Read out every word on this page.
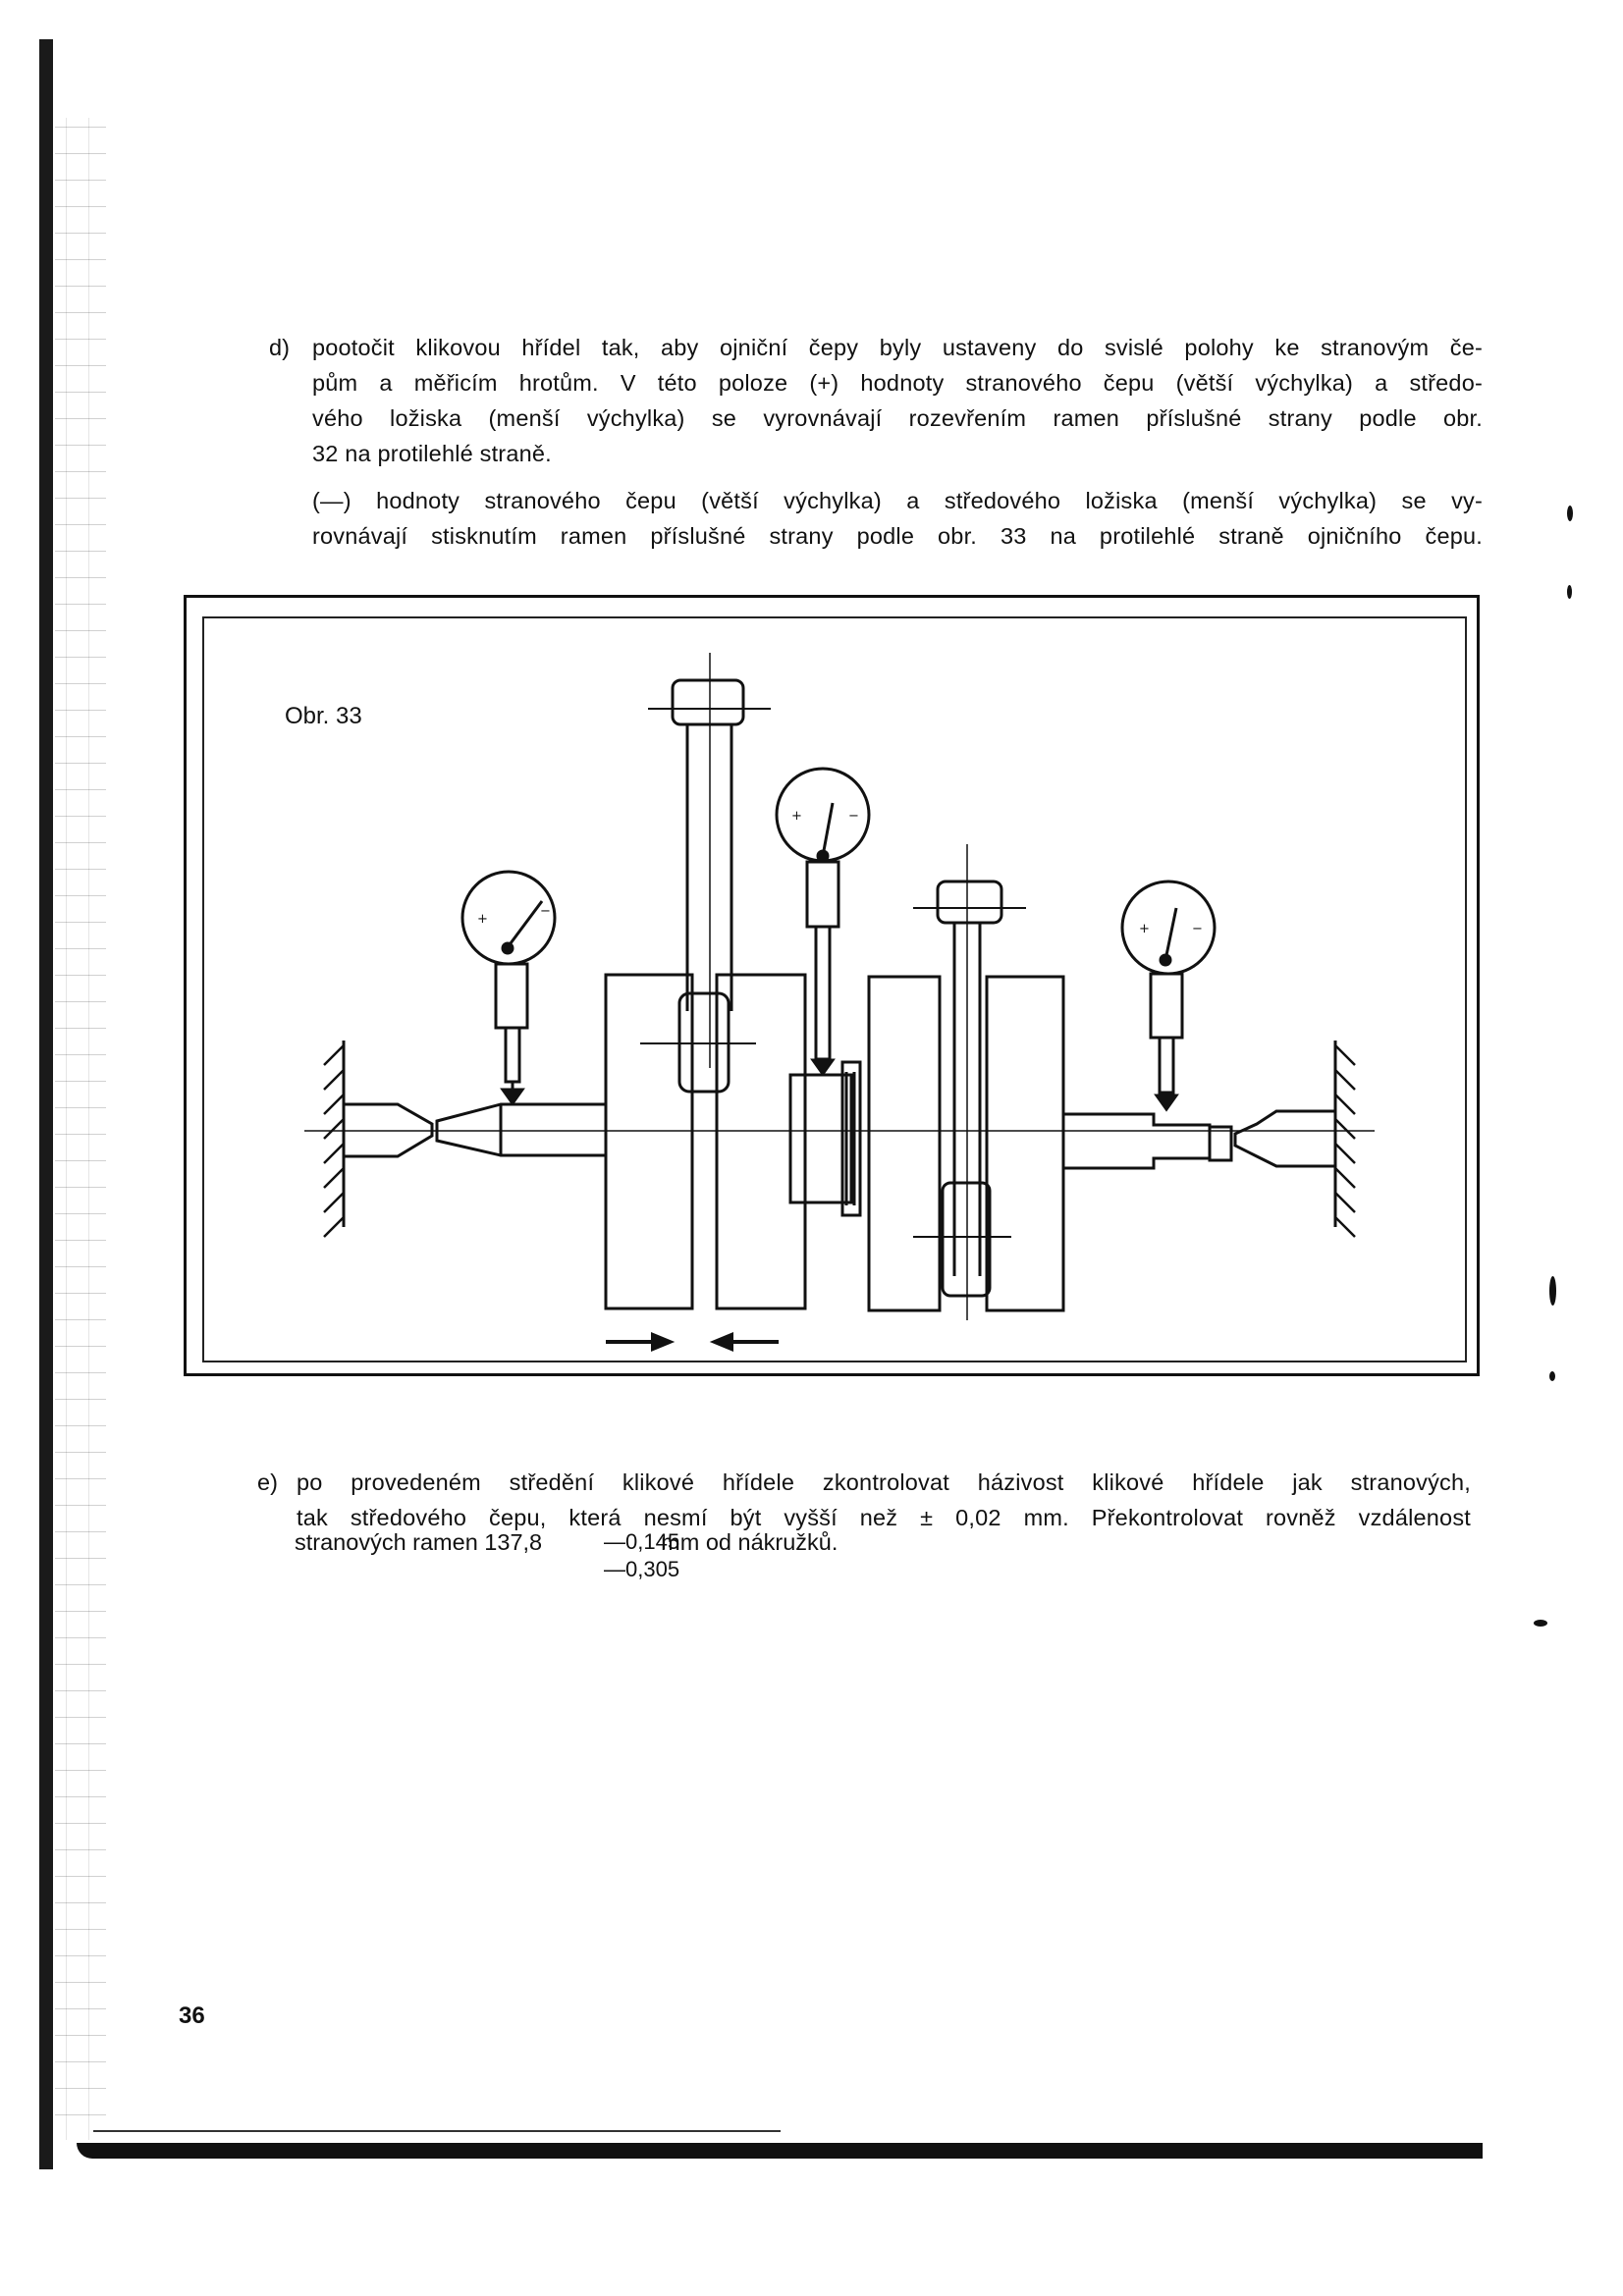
d) pootočit klikovou hřídel tak, aby ojniční čepy byly ustaveny do svislé polohy ke stranovým če-
pům a měřicím hrotům. V této poloze (+) hodnoty stranového čepu (větší výchylka) a středo-
vého ložiska (menší výchylka) se vyrovnávají rozevřením ramen příslušné strany podle obr.
32 na protilehlé straně.
(—) hodnoty stranového čepu (větší výchylka) a středového ložiska (menší výchylka) se vy-
rovnávají stisknutím ramen příslušné strany podle obr. 33 na protilehlé straně ojničního čepu.
Obr. 33
+
−
+	−
+	−
e) po provedeném středění klikové hřídele zkontrolovat házivost klikové hřídele jak stranových,
tak středového čepu, která nesmí být vyšší než ± 0,02 mm. Překontrolovat rovněž vzdálenost
stranových ramen 137,8	mm od nákružků.
—0,145
—0,305
36
